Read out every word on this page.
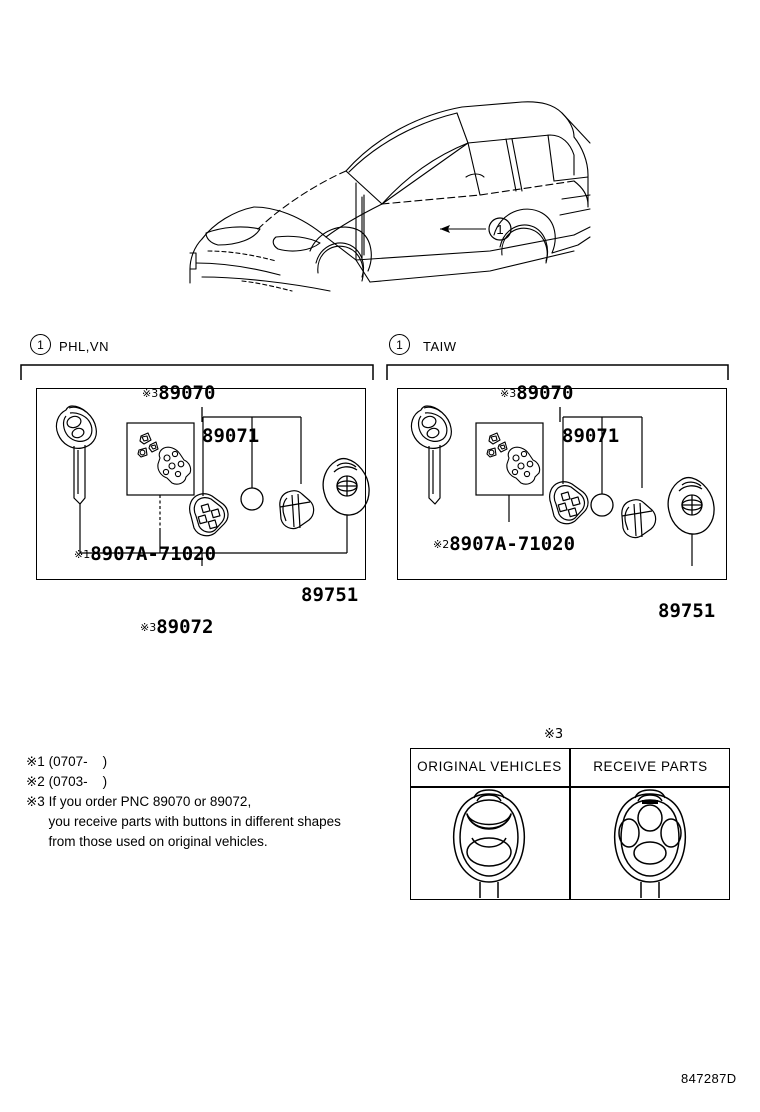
1
1 PHL,VN
※389070
89071
※18907A-71020
89751
※389072
1 TAIW
※389070
89071
※28907A-71020
89751
※1 (0707-    )
※2 (0703-    )
※3 If you order PNC 89070 or 89072,
you receive parts with buttons in different shapes
from those used on original vehicles.
※3
ORIGINAL VEHICLES	RECEIVE PARTS
847287D
